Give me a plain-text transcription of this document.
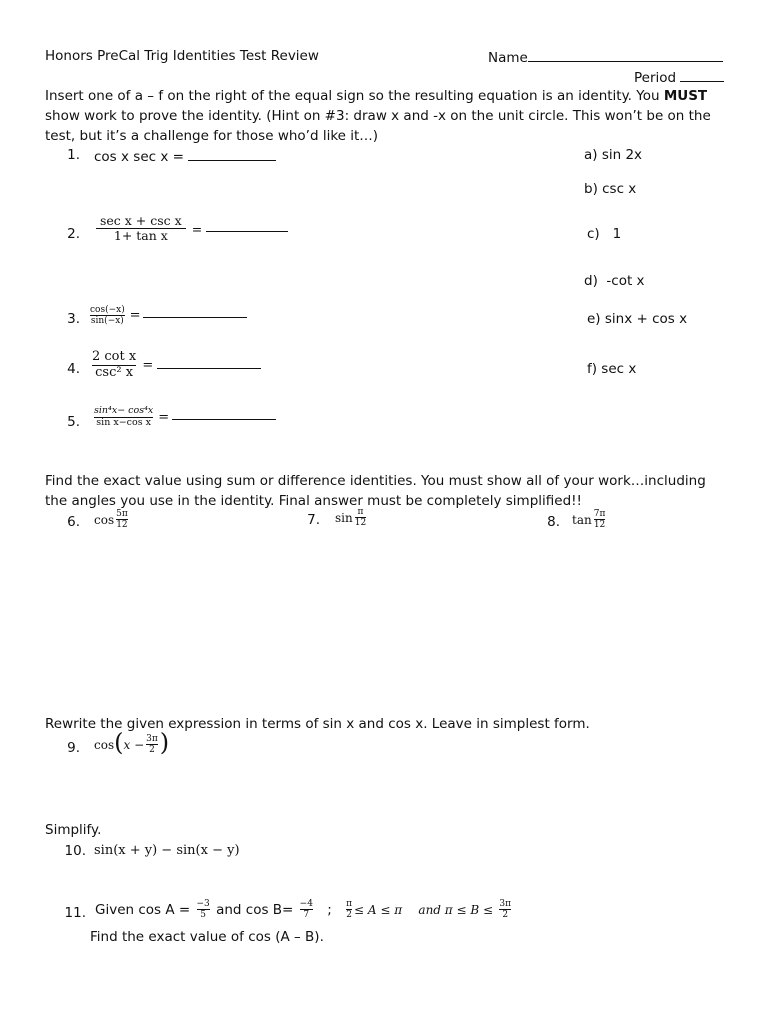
Honors PreCal Trig Identities Test Review	Name
Period
Insert one of a – f on the right of the equal sign so the resulting equation is an identity. You MUST show work to prove the identity. (Hint on #3: draw x and -x on the unit circle. This won’t be on the test, but it’s a challenge for those who’d like it…)
1. cos x sec x =
2. $\frac{\text{sec x + csc x}}{\text{1+ tan x}}$ =
3. $\frac{\cos(-x)}{\sin(-x)}$ =
4. $\frac{\text{2 cot x}}{\text{csc² x}}$ =
5. $\frac{\text{sin⁴x− cos⁴x}}{\text{sin x−cos x}}$ =
a) sin 2x
b) csc x
c)   1
d)  -cot x
e) sinx + cos x
f) sec x
Find the exact value using sum or difference identities. You must show all of your work…including the angles you use in the identity. Final answer must be completely simplified!!
6. $\cos \frac{5\pi}{12}$	7. $\sin \frac{\pi}{12}$	8. $\tan \frac{7\pi}{12}$
Rewrite the given expression in terms of sin x and cos x. Leave in simplest form.
9. $\cos(x - \frac{3\pi}{2}$ )
Simplify.
10. sin(x + y) − sin(x − y)
11. Given $\cos A = \frac{-3}{5}$ and $\cos B= \frac{-4}{7}$ ; $\frac{\pi}{2} \le A \le \pi$ and $\pi \le B \le \frac{3\pi}{2}$
Find the exact value of cos (A – B).
